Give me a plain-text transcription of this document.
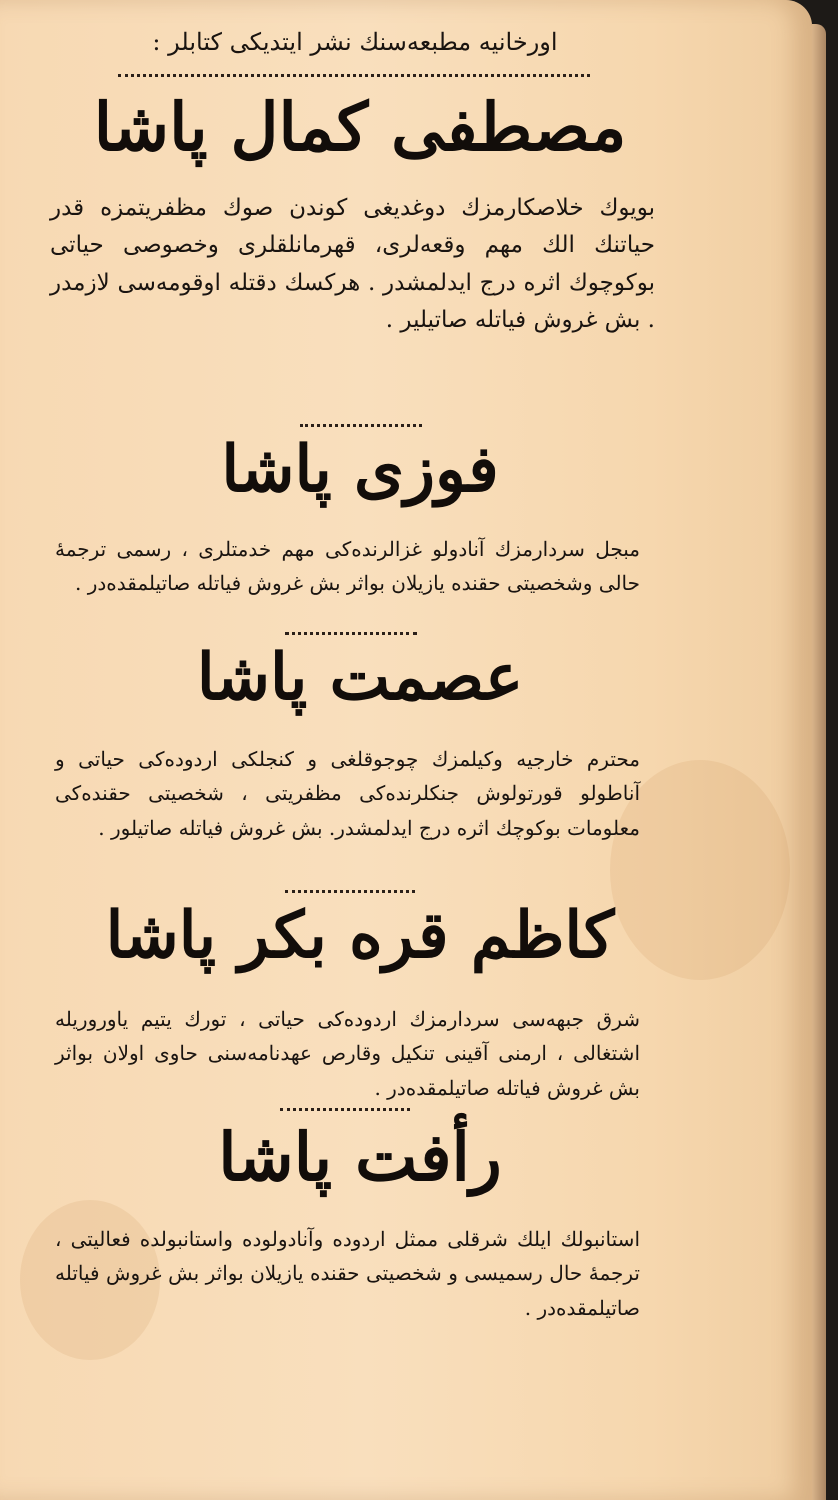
اورخانیه مطبعه‌سنك نشر ایتدیکی کتابلر :
مصطفی کمال پاشا
بویوك خلاصکارمزك دوغدیغی کوندن صوك مظفریتمزه قدر حیاتنك الك مهم وقعه‌لری، قهرمانلقلری وخصوصی حیاتی بوکوچوك اثره درج ایدلمشدر . هرکسك دقتله اوقومه‌سی لازمدر . بش غروش فیاتله صاتیلیر .
فوزی پاشا
مبجل سردارمزك آنادولو غزالرنده‌کی مهم خدمتلری ، رسمی ترجمهٔ حالی وشخصیتی حقنده یازیلان بواثر بش غروش فیاتله صاتیلمقده‌در .
عصمت پاشا
محترم خارجیه وکیلمزك چوجوقلغی و کنجلکی اردوده‌کی حیاتی و آناطولو قورتولوش جنکلرنده‌کی مظفریتی ، شخصیتی حقنده‌کی معلومات بوکوچك اثره درج ایدلمشدر. بش غروش فیاتله صاتیلور .
کاظم قره بکر پاشا
شرق جبهه‌سی سردارمزك اردوده‌کی حیاتی ، تورك یتیم یاوروریله اشتغالی ، ارمنی آقینی تنکیل وقارص عهدنامه‌سنی حاوی اولان بواثر بش غروش فیاتله صاتیلمقده‌در .
رأفت پاشا
استانبولك ایلك شرقلی ممثل اردوده وآنادولوده واستانبولده فعالیتی ، ترجمهٔ حال رسمیسی و شخصیتی حقنده یازیلان بواثر بش غروش فیاتله صاتیلمقده‌در .
